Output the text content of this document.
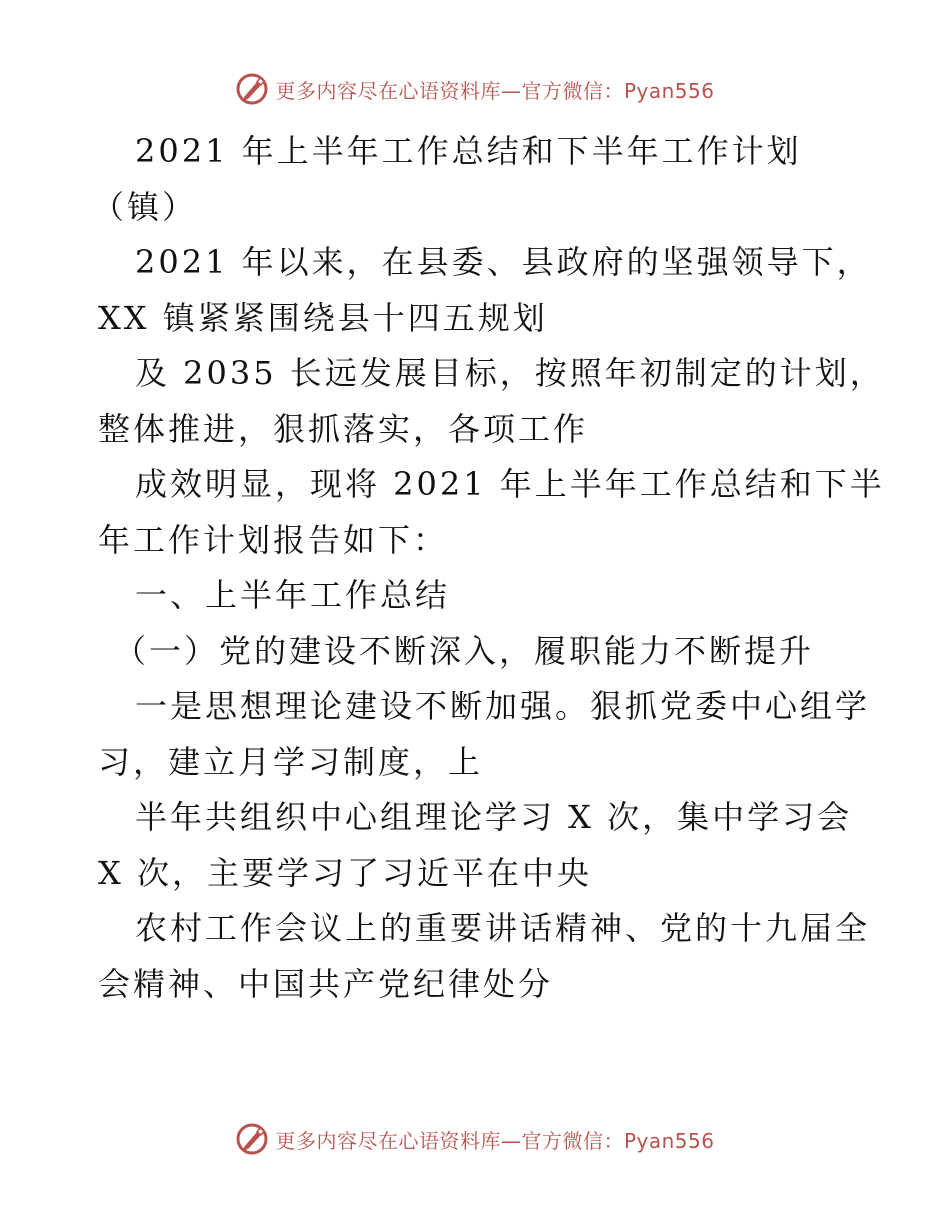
更多内容尽在心语资料库—官方微信：Pyan556
2021 年上半年工作总结和下半年工作计划
（镇）
2021 年以来，在县委、县政府的坚强领导下，
XX 镇紧紧围绕县十四五规划
及 2035 长远发展目标，按照年初制定的计划，
整体推进，狠抓落实，各项工作
成效明显，现将 2021 年上半年工作总结和下半
年工作计划报告如下：
一、上半年工作总结
（一）党的建设不断深入，履职能力不断提升
一是思想理论建设不断加强。狠抓党委中心组学
习，建立月学习制度，上
半年共组织中心组理论学习 X 次，集中学习会
X 次，主要学习了习近平在中央
农村工作会议上的重要讲话精神、党的十九届全
会精神、中国共产党纪律处分
更多内容尽在心语资料库—官方微信：Pyan556
